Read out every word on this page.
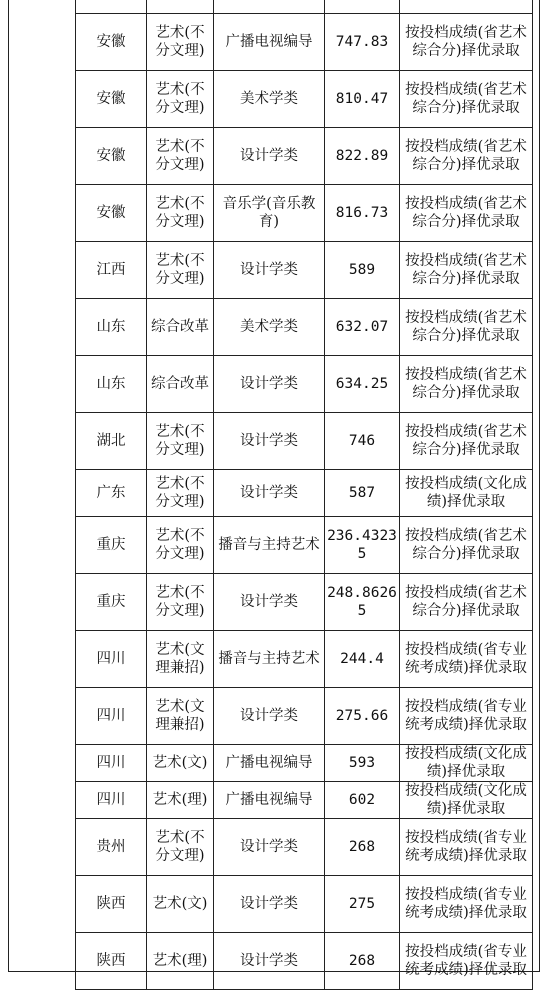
安徽	艺术(不分文理)	广播电视编导	747.83	按投档成绩(省艺术综合分)择优录取
安徽	艺术(不分文理)	美术学类	810.47	按投档成绩(省艺术综合分)择优录取
安徽	艺术(不分文理)	设计学类	822.89	按投档成绩(省艺术综合分)择优录取
安徽	艺术(不分文理)	音乐学(音乐教育)	816.73	按投档成绩(省艺术综合分)择优录取
江西	艺术(不分文理)	设计学类	589	按投档成绩(省艺术综合分)择优录取
山东	综合改革	美术学类	632.07	按投档成绩(省艺术综合分)择优录取
山东	综合改革	设计学类	634.25	按投档成绩(省艺术综合分)择优录取
湖北	艺术(不分文理)	设计学类	746	按投档成绩(省艺术综合分)择优录取
广东	艺术(不分文理)	设计学类	587	按投档成绩(文化成绩)择优录取
重庆	艺术(不分文理)	播音与主持艺术	236.43235	按投档成绩(省艺术综合分)择优录取
重庆	艺术(不分文理)	设计学类	248.86265	按投档成绩(省艺术综合分)择优录取
四川	艺术(文理兼招)	播音与主持艺术	244.4	按投档成绩(省专业统考成绩)择优录取
四川	艺术(文理兼招)	设计学类	275.66	按投档成绩(省专业统考成绩)择优录取
四川	艺术(文)	广播电视编导	593	按投档成绩(文化成绩)择优录取
四川	艺术(理)	广播电视编导	602	按投档成绩(文化成绩)择优录取
贵州	艺术(不分文理)	设计学类	268	按投档成绩(省专业统考成绩)择优录取
陕西	艺术(文)	设计学类	275	按投档成绩(省专业统考成绩)择优录取
陕西	艺术(理)	设计学类	268	按投档成绩(省专业统考成绩)择优录取
